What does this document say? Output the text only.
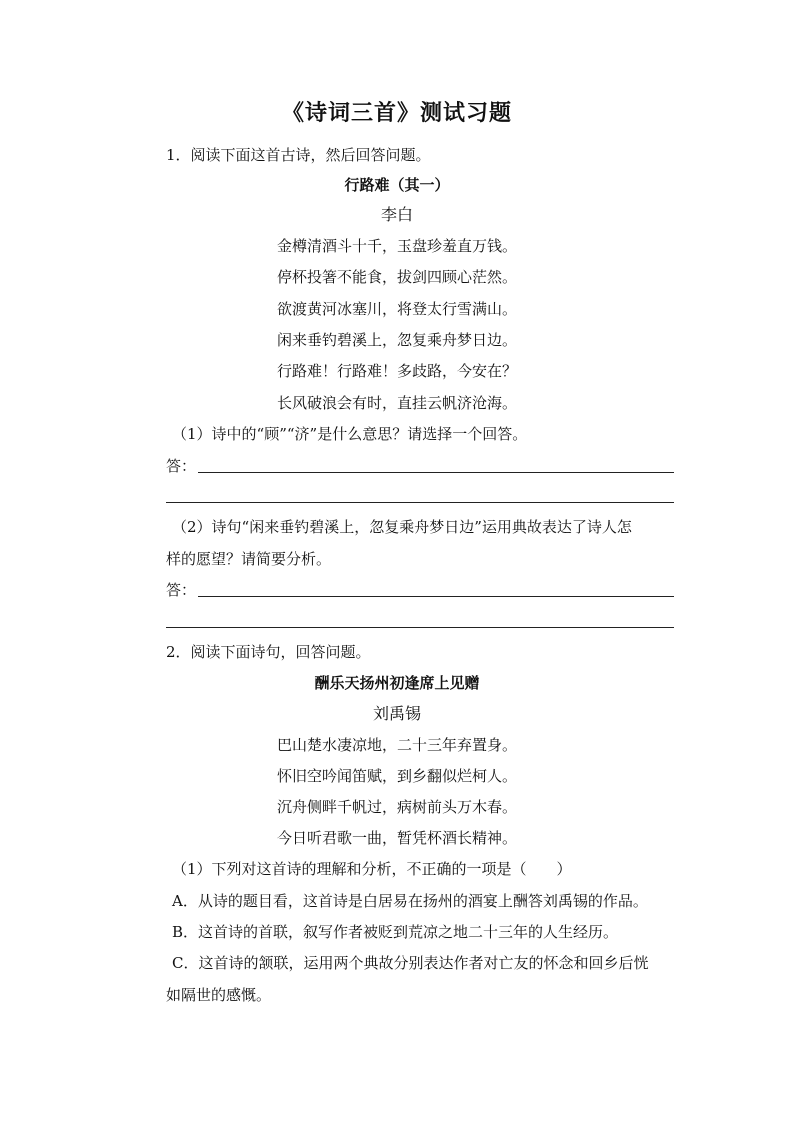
《诗词三首》测试习题
1．阅读下面这首古诗，然后回答问题。
行路难（其一）
李白
金樽清酒斗十千，玉盘珍羞直万钱。
停杯投箸不能食，拔剑四顾心茫然。
欲渡黄河冰塞川，将登太行雪满山。
闲来垂钓碧溪上，忽复乘舟梦日边。
行路难！行路难！多歧路，今安在？
长风破浪会有时，直挂云帆济沧海。
（1）诗中的“顾”“济”是什么意思？请选择一个回答。
答：
（2）诗句“闲来垂钓碧溪上，忽复乘舟梦日边”运用典故表达了诗人怎
样的愿望？请简要分析。
答：
2．阅读下面诗句，回答问题。
酬乐天扬州初逢席上见赠
刘禹锡
巴山楚水凄凉地，二十三年弃置身。
怀旧空吟闻笛赋，到乡翻似烂柯人。
沉舟侧畔千帆过，病树前头万木春。
今日听君歌一曲，暂凭杯酒长精神。
（1）下列对这首诗的理解和分析，不正确的一项是（　　）
A．从诗的题目看，这首诗是白居易在扬州的酒宴上酬答刘禹锡的作品。
B．这首诗的首联，叙写作者被贬到荒凉之地二十三年的人生经历。
C．这首诗的颔联，运用两个典故分别表达作者对亡友的怀念和回乡后恍
如隔世的感慨。
